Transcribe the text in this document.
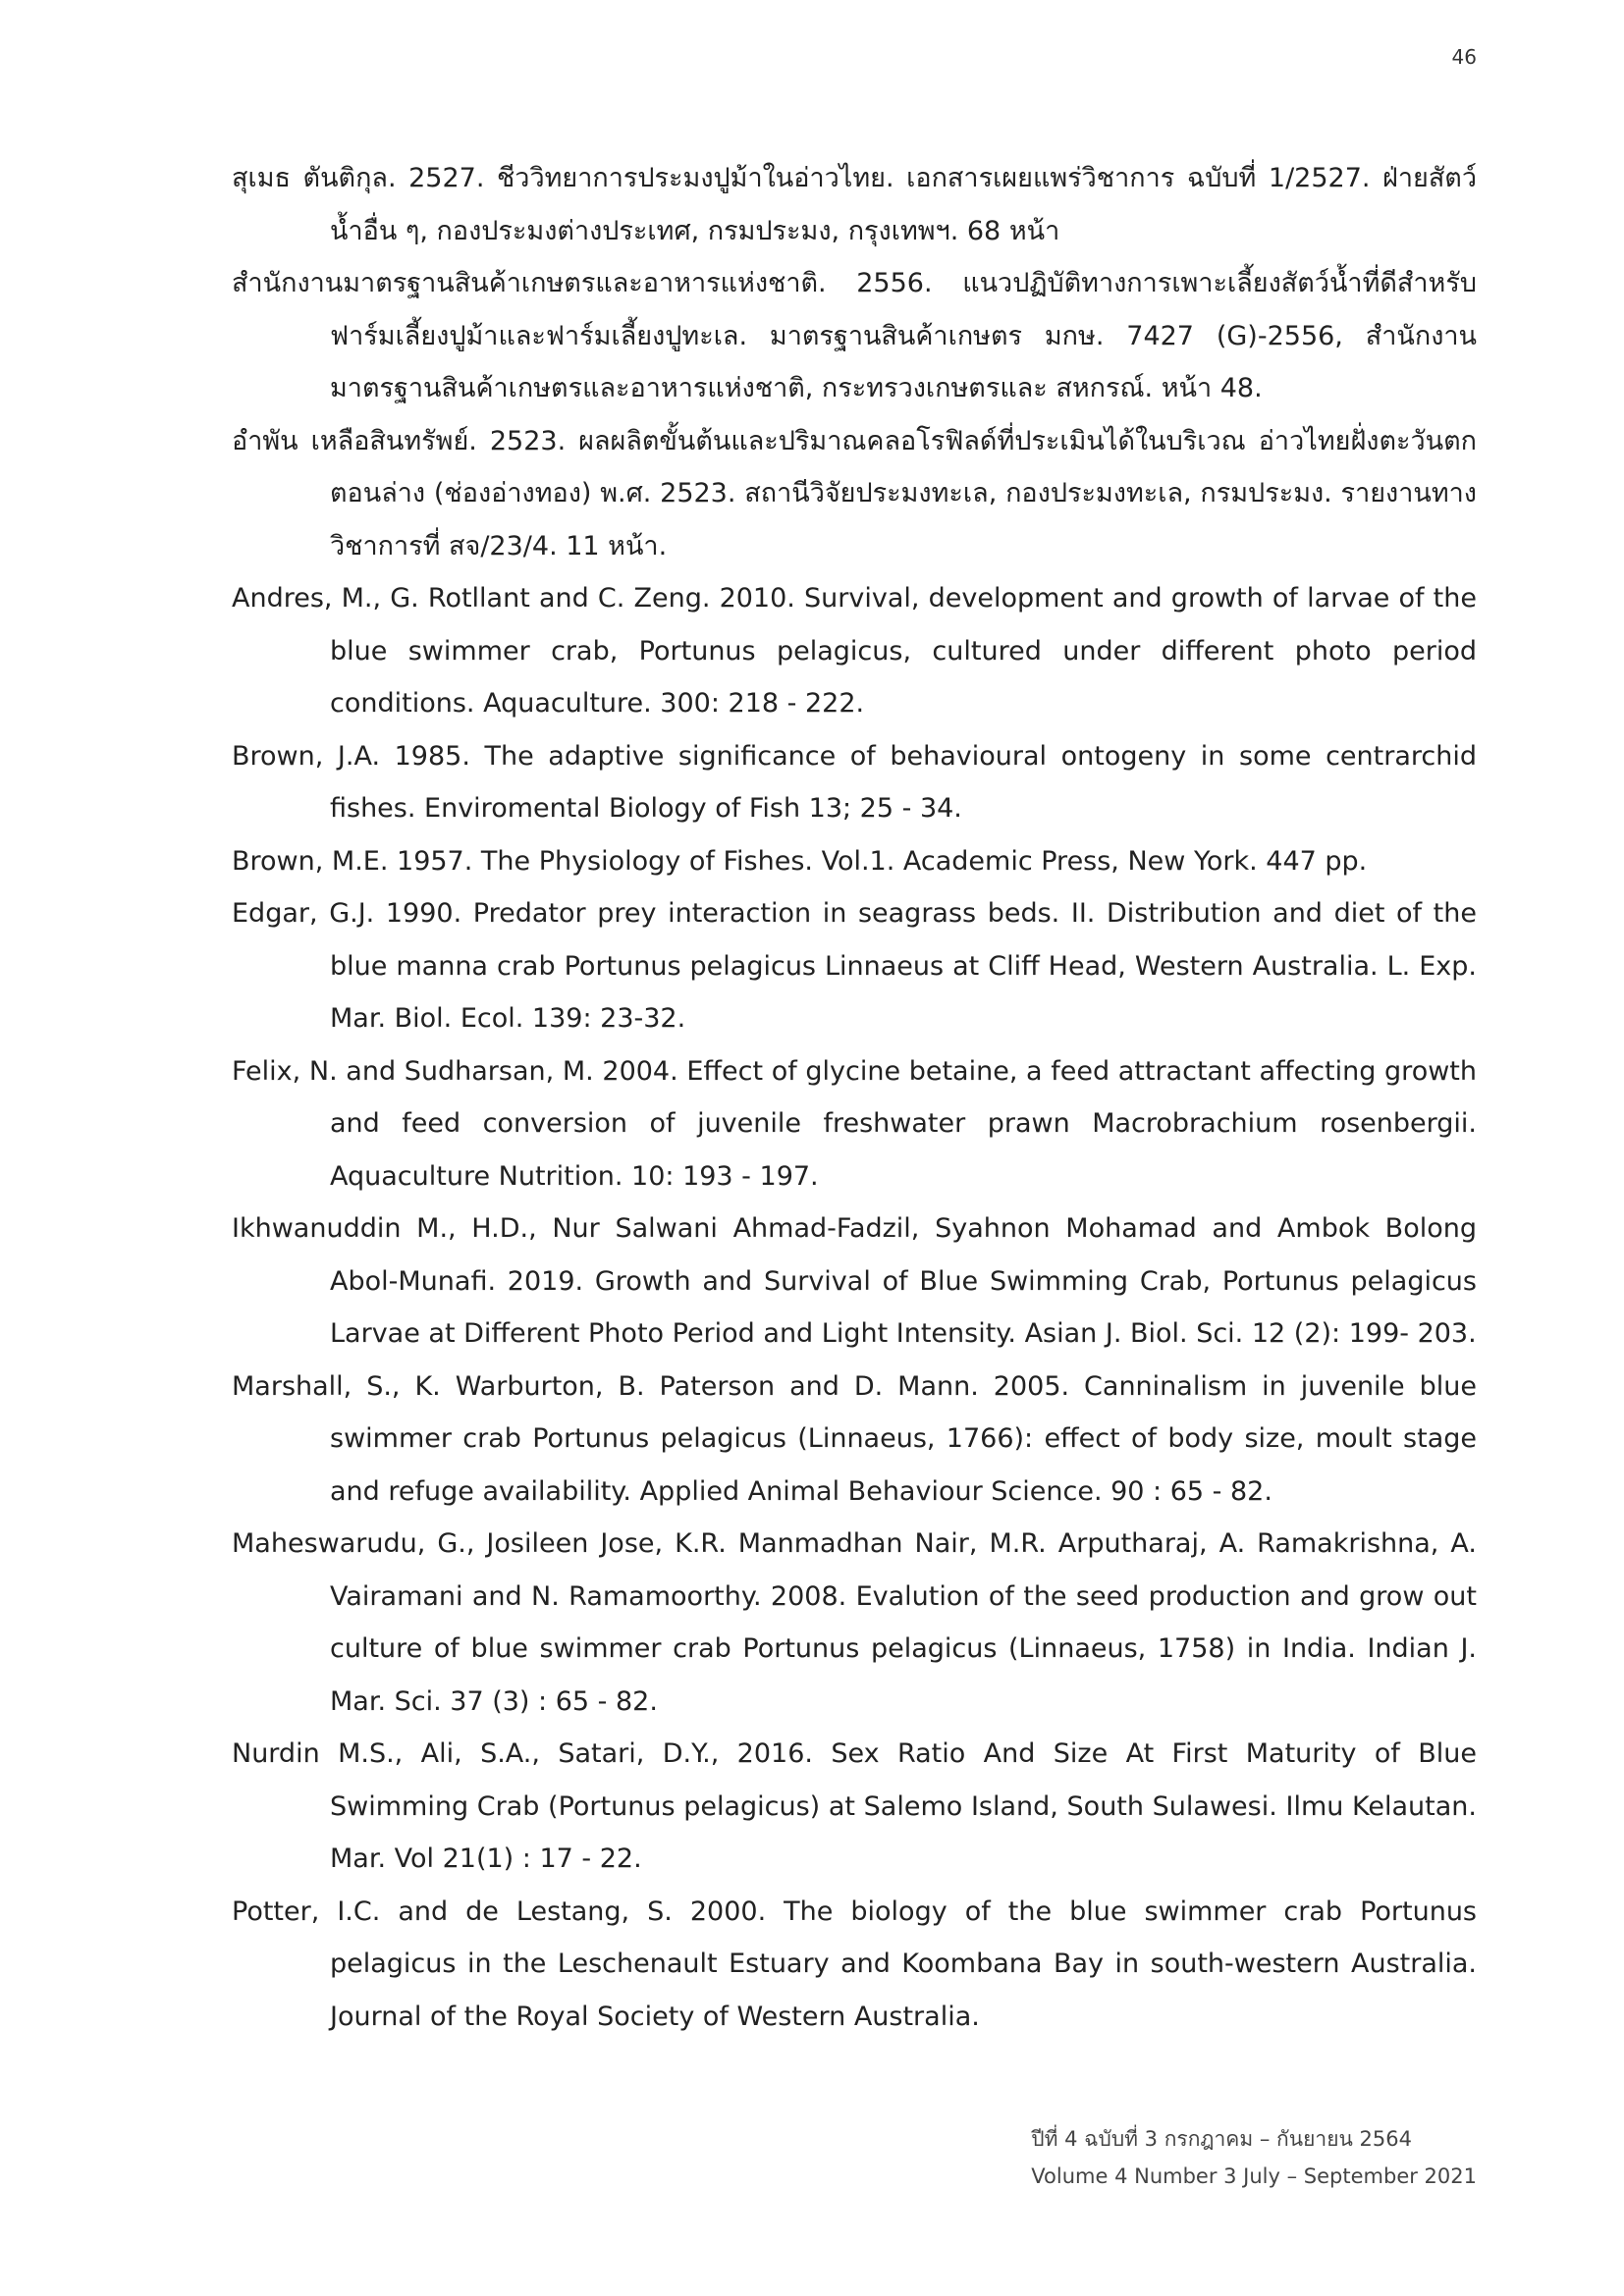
46
สุเมธ ตันติกุล. 2527. ชีววิทยาการประมงปูม้าในอ่าวไทย. เอกสารเผยแพร่วิชาการ ฉบับที่ 1/2527. ฝ่ายสัตว์น้ำอื่น ๆ, กองประมงต่างประเทศ, กรมประมง, กรุงเทพฯ. 68 หน้า
สำนักงานมาตรฐานสินค้าเกษตรและอาหารแห่งชาติ. 2556. แนวปฏิบัติทางการเพาะเลี้ยงสัตว์น้ำที่ดีสำหรับฟาร์มเลี้ยงปูม้าและฟาร์มเลี้ยงปูทะเล. มาตรฐานสินค้าเกษตร มกษ. 7427 (G)-2556, สำนักงานมาตรฐานสินค้าเกษตรและอาหารแห่งชาติ, กระทรวงเกษตรและ สหกรณ์. หน้า 48.
อำพัน เหลือสินทรัพย์. 2523. ผลผลิตขั้นต้นและปริมาณคลอโรฟิลด์ที่ประเมินได้ในบริเวณ อ่าวไทยฝั่งตะวันตกตอนล่าง (ช่องอ่างทอง) พ.ศ. 2523. สถานีวิจัยประมงทะเล, กองประมงทะเล, กรมประมง. รายงานทางวิชาการที่ สจ/23/4. 11 หน้า.
Andres, M., G. Rotllant and C. Zeng. 2010. Survival, development and growth of larvae of the blue swimmer crab, Portunus pelagicus, cultured under different photo period conditions. Aquaculture. 300: 218 - 222.
Brown, J.A. 1985. The adaptive significance of behavioural ontogeny in some centrarchid fishes. Enviromental Biology of Fish 13; 25 - 34.
Brown, M.E. 1957. The Physiology of Fishes. Vol.1. Academic Press, New York. 447 pp.
Edgar, G.J. 1990. Predator prey interaction in seagrass beds. II. Distribution and diet of the blue manna crab Portunus pelagicus Linnaeus at Cliff Head, Western Australia. L. Exp. Mar. Biol. Ecol. 139: 23-32.
Felix, N. and Sudharsan, M. 2004. Effect of glycine betaine, a feed attractant affecting growth and feed conversion of juvenile freshwater prawn Macrobrachium rosenbergii. Aquaculture Nutrition. 10: 193 - 197.
Ikhwanuddin M., H.D., Nur Salwani Ahmad-Fadzil, Syahnon Mohamad and Ambok Bolong Abol-Munafi. 2019. Growth and Survival of Blue Swimming Crab, Portunus pelagicus Larvae at Different Photo Period and Light Intensity. Asian J. Biol. Sci. 12 (2): 199- 203.
Marshall, S., K. Warburton, B. Paterson and D. Mann. 2005. Canninalism in juvenile blue swimmer crab Portunus pelagicus (Linnaeus, 1766): effect of body size, moult stage and refuge availability. Applied Animal Behaviour Science. 90 : 65 - 82.
Maheswarudu, G., Josileen Jose, K.R. Manmadhan Nair, M.R. Arputharaj, A. Ramakrishna, A. Vairamani and N. Ramamoorthy. 2008. Evalution of the seed production and grow out culture of blue swimmer crab Portunus pelagicus (Linnaeus, 1758) in India. Indian J. Mar. Sci. 37 (3) : 65 - 82.
Nurdin M.S., Ali, S.A., Satari, D.Y., 2016. Sex Ratio And Size At First Maturity of Blue Swimming Crab (Portunus pelagicus) at Salemo Island, South Sulawesi. Ilmu Kelautan. Mar. Vol 21(1) : 17 - 22.
Potter, I.C. and de Lestang, S. 2000. The biology of the blue swimmer crab Portunus pelagicus in the Leschenault Estuary and Koombana Bay in south-western Australia. Journal of the Royal Society of Western Australia.
ปีที่ 4 ฉบับที่ 3 กรกฎาคม – กันยายน 2564
Volume 4 Number 3 July – September 2021
